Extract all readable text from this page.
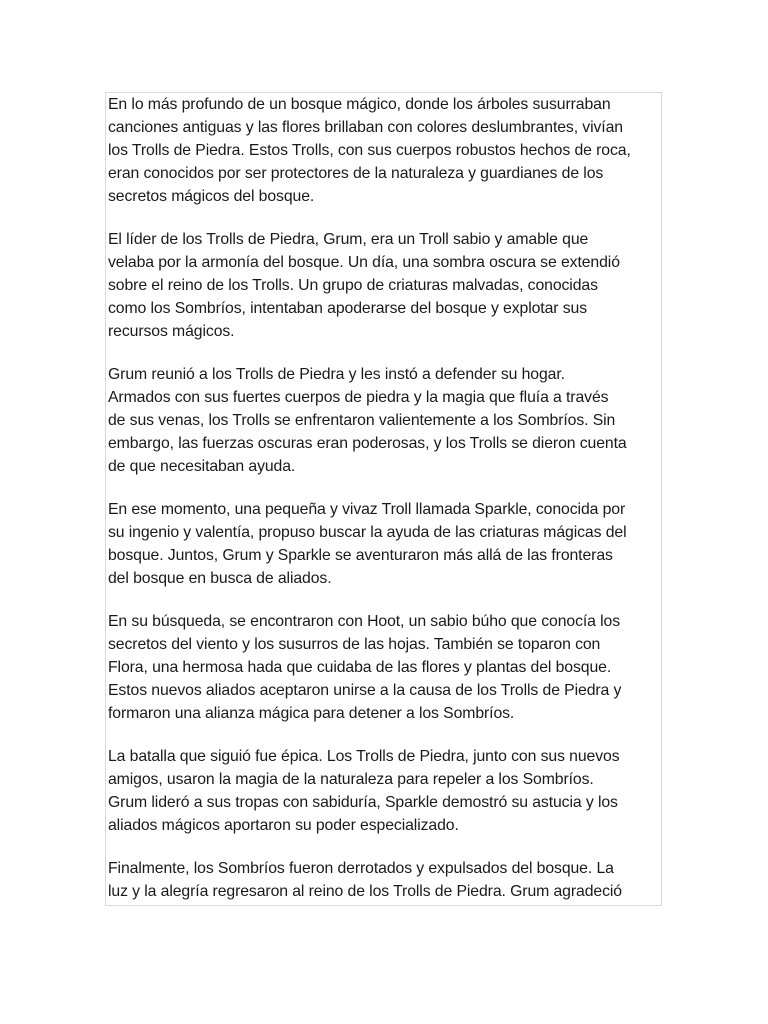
En lo más profundo de un bosque mágico, donde los árboles susurraban
canciones antiguas y las flores brillaban con colores deslumbrantes, vivían
los Trolls de Piedra. Estos Trolls, con sus cuerpos robustos hechos de roca,
eran conocidos por ser protectores de la naturaleza y guardianes de los
secretos mágicos del bosque.

El líder de los Trolls de Piedra, Grum, era un Troll sabio y amable que
velaba por la armonía del bosque. Un día, una sombra oscura se extendió
sobre el reino de los Trolls. Un grupo de criaturas malvadas, conocidas
como los Sombríos, intentaban apoderarse del bosque y explotar sus
recursos mágicos.

Grum reunió a los Trolls de Piedra y les instó a defender su hogar.
Armados con sus fuertes cuerpos de piedra y la magia que fluía a través
de sus venas, los Trolls se enfrentaron valientemente a los Sombríos. Sin
embargo, las fuerzas oscuras eran poderosas, y los Trolls se dieron cuenta
de que necesitaban ayuda.

En ese momento, una pequeña y vivaz Troll llamada Sparkle, conocida por
su ingenio y valentía, propuso buscar la ayuda de las criaturas mágicas del
bosque. Juntos, Grum y Sparkle se aventuraron más allá de las fronteras
del bosque en busca de aliados.

En su búsqueda, se encontraron con Hoot, un sabio búho que conocía los
secretos del viento y los susurros de las hojas. También se toparon con
Flora, una hermosa hada que cuidaba de las flores y plantas del bosque.
Estos nuevos aliados aceptaron unirse a la causa de los Trolls de Piedra y
formaron una alianza mágica para detener a los Sombríos.

La batalla que siguió fue épica. Los Trolls de Piedra, junto con sus nuevos
amigos, usaron la magia de la naturaleza para repeler a los Sombríos.
Grum lideró a sus tropas con sabiduría, Sparkle demostró su astucia y los
aliados mágicos aportaron su poder especializado.

Finalmente, los Sombríos fueron derrotados y expulsados del bosque. La
luz y la alegría regresaron al reino de los Trolls de Piedra. Grum agradeció
